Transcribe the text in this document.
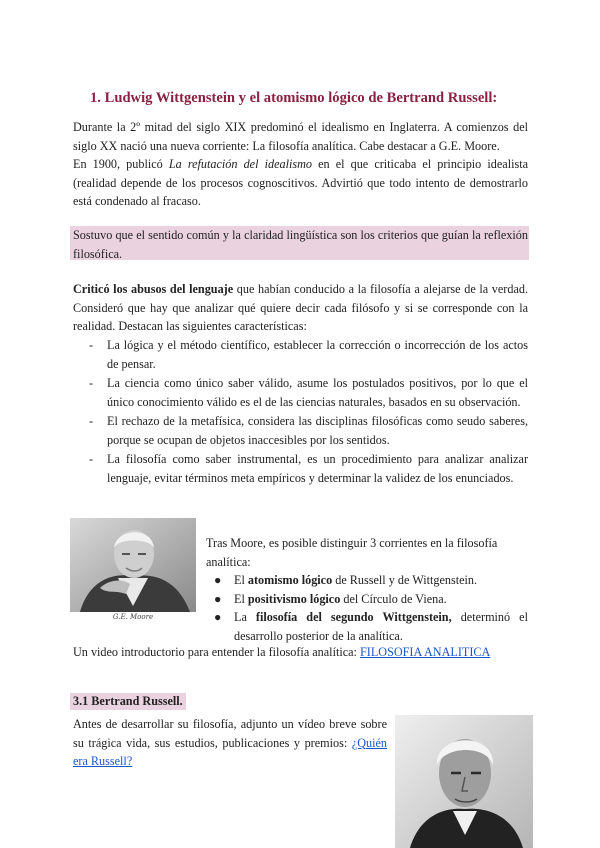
1. Ludwig Wittgenstein y el atomismo lógico de Bertrand Russell:

Durante la 2º mitad del siglo XIX predominó el idealismo en Inglaterra. A comienzos del siglo XX nació una nueva corriente: La filosofía analítica. Cabe destacar a G.E. Moore.
En 1900, publicó La refutación del idealismo en el que criticaba el principio idealista (realidad depende de los procesos cognoscitivos. Advirtió que todo intento de demostrarlo está condenado al fracaso.

Sostuvo que el sentido común y la claridad lingüística son los criterios que guían la reflexión filosófica.

Criticó los abusos del lenguaje que habían conducido a la filosofía a alejarse de la verdad. Consideró que hay que analizar qué quiere decir cada filósofo y si se corresponde con la realidad. Destacan las siguientes características:

- La lógica y el método científico, establecer la corrección o incorrección de los actos de pensar.
- La ciencia como único saber válido, asume los postulados positivos, por lo que el único conocimiento válido es el de las ciencias naturales, basados en su observación.
- El rechazo de la metafísica, considera las disciplinas filosóficas como seudo saberes, porque se ocupan de objetos inaccesibles por los sentidos.
- La filosofía como saber instrumental, es un procedimiento para analizar analizar lenguaje, evitar términos meta empíricos y determinar la validez de los enunciados.
G.E. Moore
Tras Moore, es posible distinguir 3 corrientes en la filosofía analítica:
● El atomismo lógico de Russell y de Wittgenstein.
● El positivismo lógico del Círculo de Viena.
● La filosofía del segundo Wittgenstein, determinó el desarrollo posterior de la analítica.

Un video introductorio para entender la filosofía analítica: FILOSOFIA ANALITICA

3.1 Bertrand Russell.

Antes de desarrollar su filosofía, adjunto un vídeo breve sobre su trágica vida, sus estudios, publicaciones y premios: ¿Quién era Russell?
